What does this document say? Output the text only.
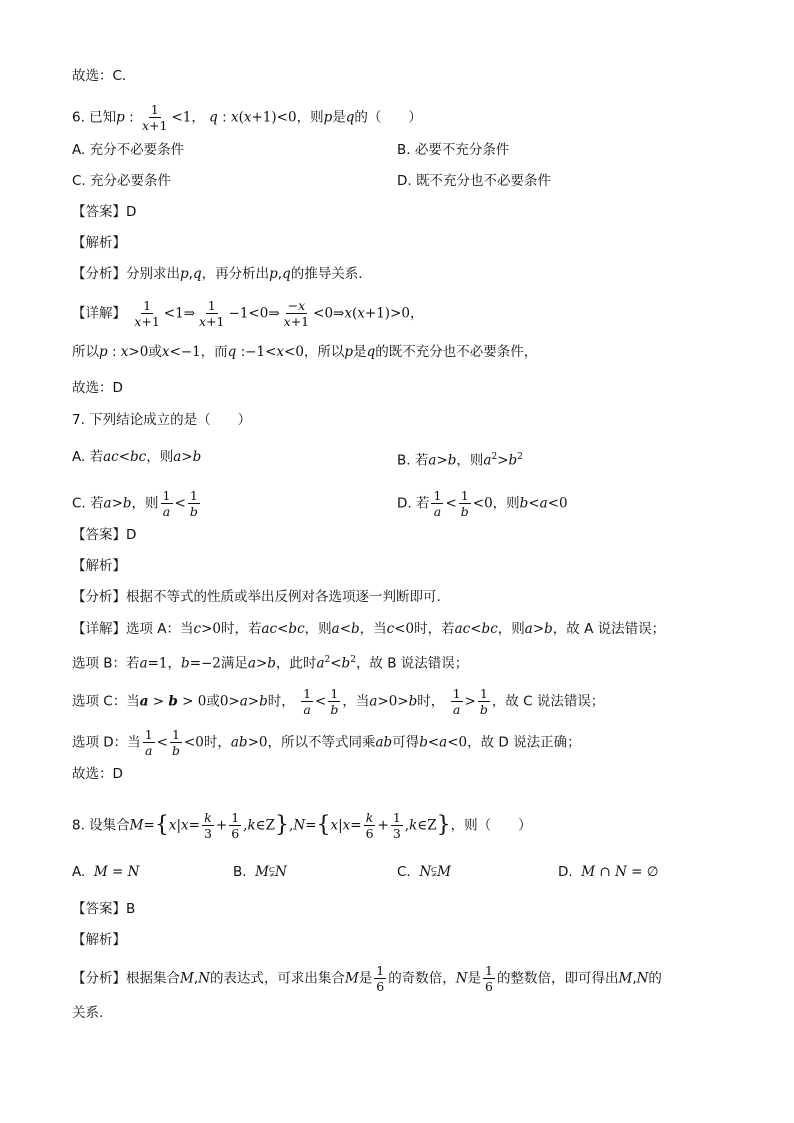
故选：C．
6. 已知p : $\frac{1}{x+1} <1$， q : x(x+1)<0，则p是q的（　　）
A. 充分不必要条件	B. 必要不充分条件
C. 充分必要条件	D. 既不充分也不必要条件
【答案】D
【解析】
【分析】分别求出p,q，再分析出p,q的推导关系.
【详解】 $\frac{1}{x+1}$ <1⇒ $\frac{1}{x+1}$ −1<0⇒ $\frac{-x}{x+1}$ <0⇒x(x+1)>0，
所以p : x>0或x<−1，而q :−1<x<0，所以p是q的既不充分也不必要条件，
故选：D
7. 下列结论成立的是（　　）
A. 若ac<bc，则a>b	B. 若a>b，则$a^2>b^2$
C. 若a>b，则 $\frac{1}{a} < \frac{1}{b}$	D. 若 $\frac{1}{a} < \frac{1}{b} <0$，则b<a<0
【答案】D
【解析】
【分析】根据不等式的性质或举出反例对各选项逐一判断即可.
【详解】选项 A：当c>0时，若ac<bc，则a<b，当c<0时，若ac<bc，则a>b，故 A 说法错误；
选项 B：若a=1，b=−2满足a>b，此时$a^2<b^2$，故 B 说法错误；
选项 C：当a > b > 0或0>a>b时， $\frac{1}{a} < \frac{1}{b}$ ，当a>0>b时， $\frac{1}{a} > \frac{1}{b}$ ，故 C 说法错误；
选项 D：当 $\frac{1}{a} < \frac{1}{b} <0$时，ab>0，所以不等式同乘ab可得b<a<0，故 D 说法正确；
故选：D
8. 设集合$M=\{x|x= \frac{k}{3} + \frac{1}{6}$ ,k∈Z},N={x|x= $\frac{k}{6} + \frac{1}{3}$ ,k∈Z}，则（　　）
A. M = N	B. M⫋N	C. N⫋M	D. M ∩ N = ∅
【答案】B
【解析】
【分析】根据集合M,N的表达式，可求出集合M是 $\frac{1}{6}$ 的奇数倍，N是 $\frac{1}{6}$ 的整数倍，即可得出M,N的
关系.
